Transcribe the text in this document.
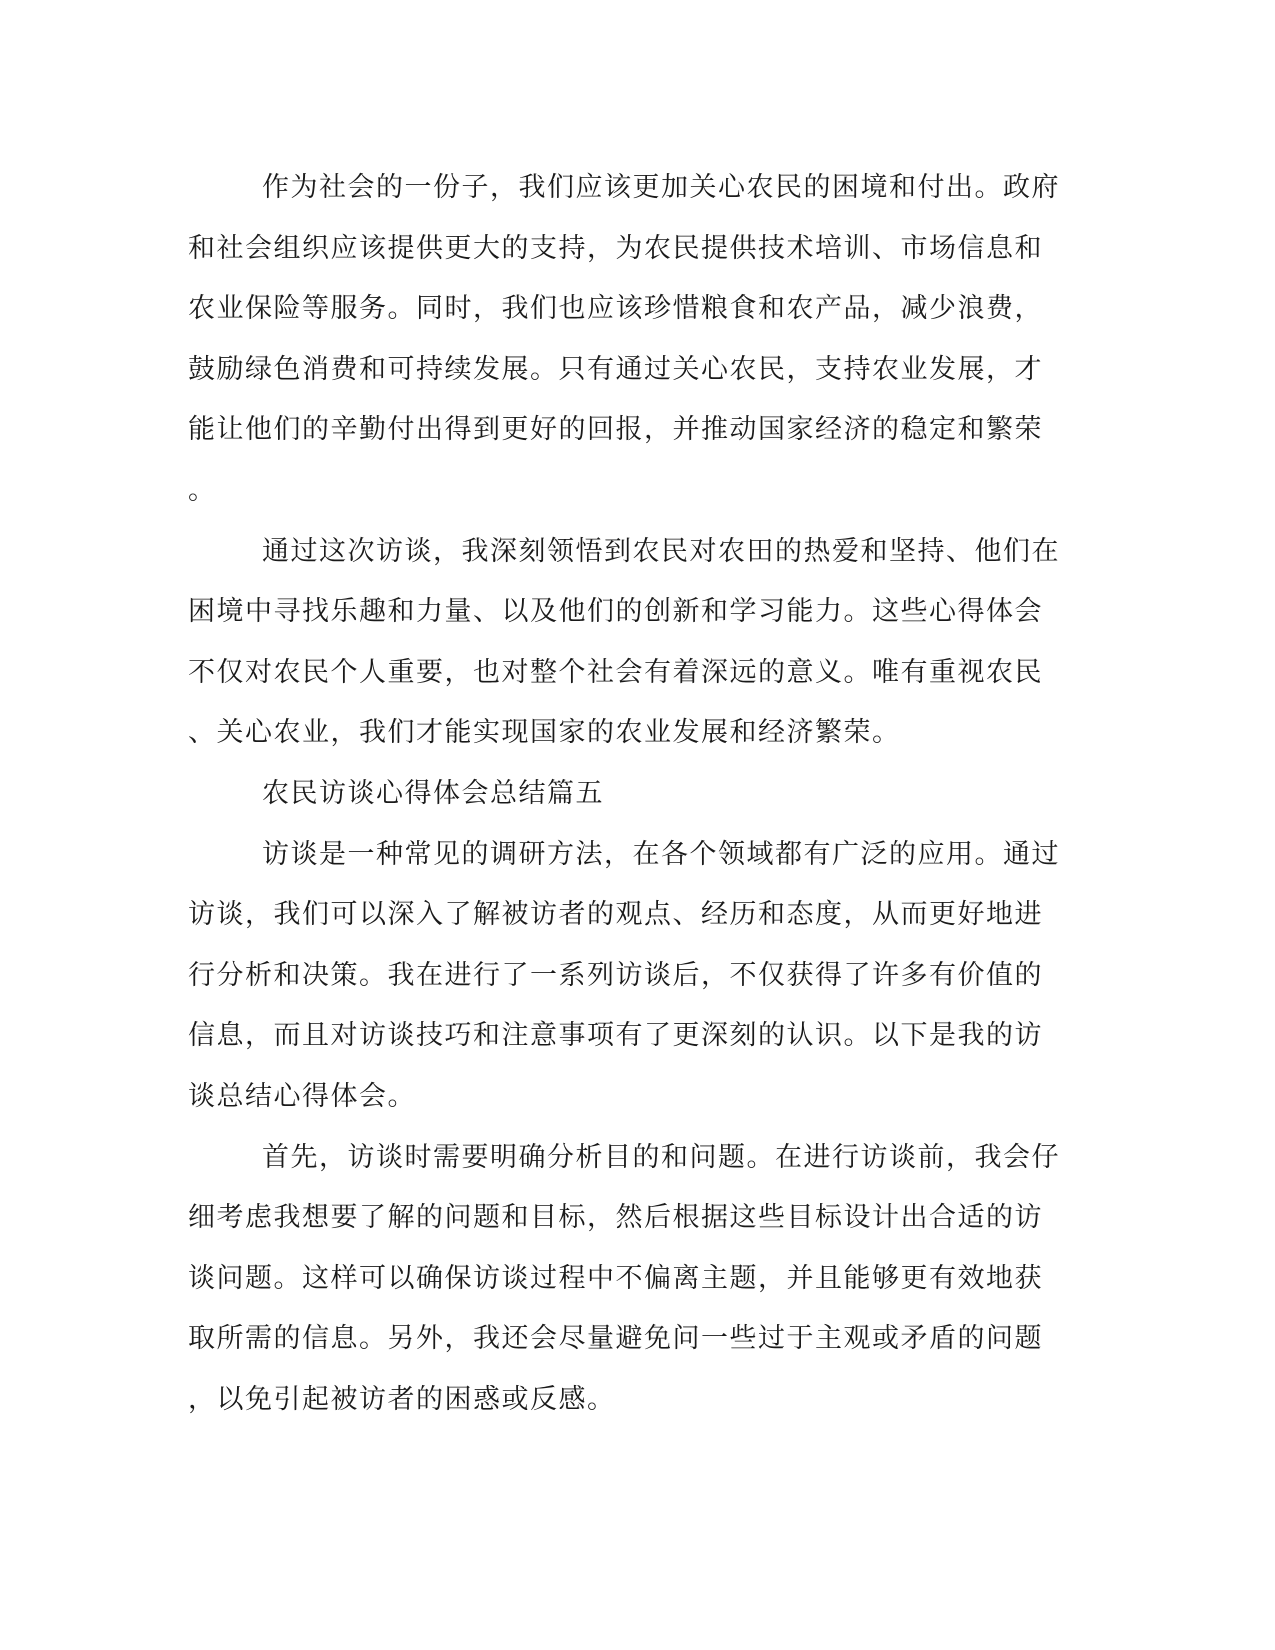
作为社会的一份子，我们应该更加关心农民的困境和付出。政府
和社会组织应该提供更大的支持，为农民提供技术培训、市场信息和
农业保险等服务。同时，我们也应该珍惜粮食和农产品，减少浪费，
鼓励绿色消费和可持续发展。只有通过关心农民，支持农业发展，才
能让他们的辛勤付出得到更好的回报，并推动国家经济的稳定和繁荣
。

通过这次访谈，我深刻领悟到农民对农田的热爱和坚持、他们在
困境中寻找乐趣和力量、以及他们的创新和学习能力。这些心得体会
不仅对农民个人重要，也对整个社会有着深远的意义。唯有重视农民
、关心农业，我们才能实现国家的农业发展和经济繁荣。

农民访谈心得体会总结篇五

访谈是一种常见的调研方法，在各个领域都有广泛的应用。通过
访谈，我们可以深入了解被访者的观点、经历和态度，从而更好地进
行分析和决策。我在进行了一系列访谈后，不仅获得了许多有价值的
信息，而且对访谈技巧和注意事项有了更深刻的认识。以下是我的访
谈总结心得体会。

首先，访谈时需要明确分析目的和问题。在进行访谈前，我会仔
细考虑我想要了解的问题和目标，然后根据这些目标设计出合适的访
谈问题。这样可以确保访谈过程中不偏离主题，并且能够更有效地获
取所需的信息。另外，我还会尽量避免问一些过于主观或矛盾的问题
，以免引起被访者的困惑或反感。
